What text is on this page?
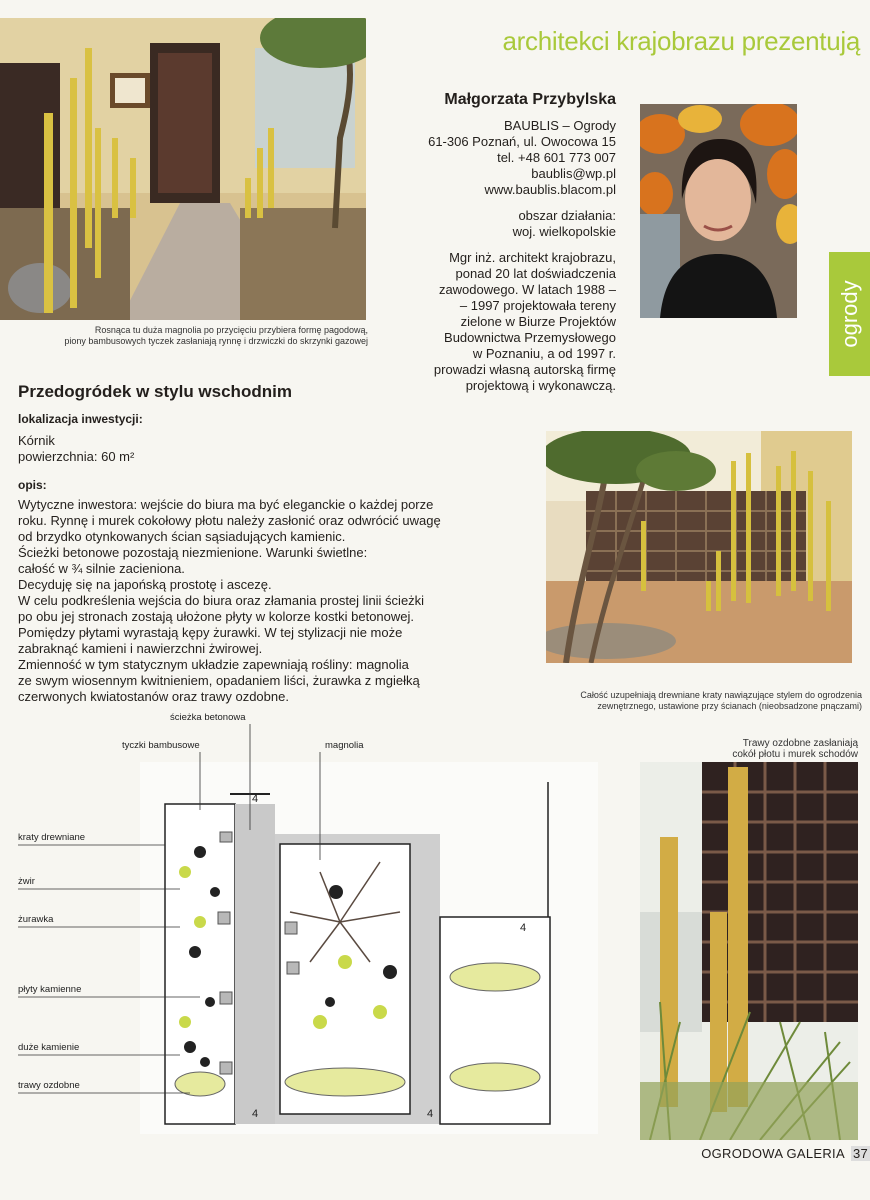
architekci krajobrazu prezentują
ogrody
Rosnąca tu duża magnolia po przycięciu przybiera formę pagodową,
piony bambusowych tyczek zasłaniają rynnę i drzwiczki do skrzynki gazowej
Małgorzata Przybylska
BAUBLIS – Ogrody
61-306 Poznań, ul. Owocowa 15
tel. +48 601 773 007
baublis@wp.pl
www.baublis.blacom.pl
obszar działania:
woj. wielkopolskie
Mgr inż. architekt krajobrazu,
ponad 20 lat doświadczenia
zawodowego. W latach 1988 –
– 1997 projektowała tereny
zielone w Biurze Projektów
Budownictwa Przemysłowego
w Poznaniu, a od 1997 r.
prowadzi własną autorską firmę
projektową i wykonawczą.
Przedogródek w stylu wschodnim
lokalizacja inwestycji:
Kórnik
powierzchnia: 60 m²
opis:

Wytyczne inwestora: wejście do biura ma być eleganckie o każdej porze

roku. Rynnę i murek cokołowy płotu należy zasłonić oraz odwrócić uwagę

od brzydko otynkowanych ścian sąsiadujących kamienic.

Ścieżki betonowe pozostają niezmienione. Warunki świetlne:

całość w ¾ silnie zacieniona.

Decyduję się na japońską prostotę i ascezę.

W celu podkreślenia wejścia do biura oraz złamania prostej linii ścieżki

po obu jej stronach zostają ułożone płyty w kolorze kostki betonowej.

Pomiędzy płytami wyrastają kępy żurawki. W tej stylizacji nie może

zabraknąć kamieni i nawierzchni żwirowej.

Zmienność w tym statycznym układzie zapewniają rośliny: magnolia

ze swym wiosennym kwitnieniem, opadaniem liści, żurawka z mgiełką

czerwonych kwiatostanów oraz trawy ozdobne.	Całość uzupełniają drewniane kraty nawiązujące stylem do ogrodzenia
zewnętrznego, ustawione przy ścianach (nieobsadzone pnączami)
Trawy ozdobne zasłaniają
cokół płotu i murek schodów
4
4
4	4
ścieżka betonowa
tyczki bambusowe	magnolia
kraty drewniane
żwir
żurawka
płyty kamienne
duże kamienie
trawy ozdobne
OGRODOWA GALERIA 37
